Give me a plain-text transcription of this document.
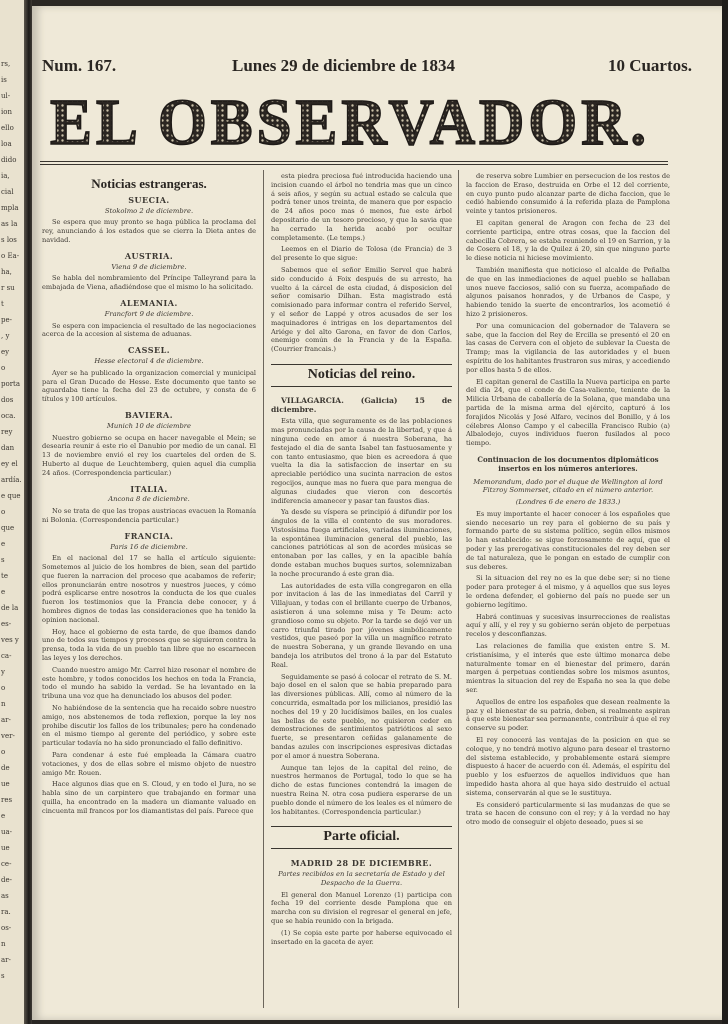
rs,
is
ul-
ion
ello
loa
dido
ia,
cial
mpla
as la
s los
o Ea-
ha,
r su
t
pe-
, y
ey
o
porta
dos
oca.
rey
dan
ey el
ardía.
e que
o
que
e
s
te
e
de la
es-
ves y
ca-
y
o
n
ar-
ver-
o
de
ue
res
e
ua-
ue
ce-
de-
as
ra.
os-
n
ar-
s
Num. 167.	Lunes 29 de diciembre de 1834	10 Cuartos.
EL OBSERVADOR.

Noticias estrangeras.

SUECIA.

Stokolmo 2 de diciembre.

Se espera que muy pronto se haga pública la proclama del rey, anunciando á los estados que se cierra la Dieta antes de navidad.

AUSTRIA.

Viena 9 de diciembre.

Se habla del nombramiento del Príncipe Talleyrand para la embajada de Viena, añadiéndose que el mismo lo ha solicitado.

ALEMANIA.

Francfort 9 de diciembre.

Se espera con impaciencia el resultado de las negociaciones acerca de la accesion al sistema de aduanas.

CASSEL.

Hesse electoral 4 de diciembre.

Ayer se ha publicado la organizacion comercial y municipal para el Gran Ducado de Hesse. Este documento que tanto se aguardaba tiene la fecha del 23 de octubre, y consta de 6 títulos y 100 artículos.

BAVIERA.

Munich 10 de diciembre

Nuestro gobierno se ocupa en hacer navegable el Mein; se desearia reunir á este rio el Danubio por medio de un canal. El 13 de noviembre envió el rey los cuarteles del orden de S. Huberto al duque de Leuchtemberg, quien aquel dia cumplia 24 años. (Correspondencia particular.)

ITALIA.

Ancona 8 de diciembre.

No se trata de que las tropas austriacas evacuen la Romanía ni Bolonia. (Correspondencia particular.)

FRANCIA.

Paris 16 de diciembre.

En el nacional del 17 se halla el artículo siguiente: Sometemos al juicio de los hombres de bien, sean del partido que fueren la narracion del proceso que acabamos de referir; ellos pronunciarán entre nosotros y nuestros jueces, y cómo podrá esplicarse entre nosotros la conducta de los que cuales fueron los testimonios que la Francia debe conocer, y á hombres dignos de todas las consideraciones que ha tenido la opinion nacional.

Hoy, hace el gobierno de esta tarde, de que íbamos dando uno de todos sus tiempos y procesos que se siguieron contra la prensa, toda la vida de un pueblo tan libre que no escarnecen las leyes y los derechos.

Cuando nuestro amigo Mr. Carrel hizo resonar el nombre de este hombre, y todos conocidos los hechos en toda la Francia, todo el mundo ha sabido la verdad. Se ha levantado en la tribuna una voz que ha denunciado los abusos del poder.

No habiéndose de la sentencia que ha recaido sobre nuestro amigo, nos abstenemos de toda reflexion, porque la ley nos prohibe discutir los fallos de los tribunales; pero ha condenado en el mismo tiempo al gerente del periódico, y sobre este particular todavía no ha sido pronunciado el fallo definitivo.

Para condenar á este fué empleada la Cámara cuatro votaciones, y dos de ellas sobre el mismo objeto de nuestro amigo Mr. Rouen.

Hace algunos dias que en S. Cloud, y en todo el Jura, no se habla sino de un carpintero que trabajando en formar una quilla, ha encontrado en la madera un diamante valuado en cincuenta mil francos por los diamantistas del país. Parece que

esta piedra preciosa fué introducida haciendo una incision cuando el árbol no tendria mas que un cinco á seis años, y según su actual estado se calcula que podrá tener unos treinta, de manera que por espacio de 24 años poco mas ó menos, fue este árbol depositario de un tesoro precioso, y que la savia que ha cerrado la herida acabó por ocultar completamente. (Le temps.)

Leemos en el Diario de Tolosa (de Francia) de 3 del presente lo que sigue:

Sabemos que el señor Emilio Servel que habrá sido conducido á Foix después de su arresto, ha vuelto á la cárcel de esta ciudad, á disposicion del señor comisario Dilhan. Esta magistrado está comisionado para informar contra el referido Servel, y el señor de Lappé y otros acusados de ser los maquinadores é intrigas en los departamentos del Ariége y del alto Garona, en favor de don Carlos, enemigo común de la Francia y de la España. (Courrier francais.)

Noticias del reino.

VILLAGARCIA. (Galicia) 15 de diciembre.

Esta villa, que seguramente es de las poblaciones mas pronunciadas por la causa de la libertad, y que á ninguna cede en amor á nuestra Soberana, ha festejado el dia de santa Isabel tan fastuosamente y con tanto entusiasmo, que bien es acreedora á que vuelta la dia la satisfaccion de insertar en su apreciable periódico una sucinta narracion de estos regocijos, aunque mas no fuera que para mengua de algunas ciudades que vieron con descortés indiferencia amanecer y pasar tan faustos dias.

Ya desde su víspera se principió á difundir por los ángulos de la villa el contento de sus moradores. Vistosísima fuega artificiales, variadas iluminaciones, la espontánea iluminacion general del pueblo, las canciones patrióticas al son de acordes músicas se entonaban por las calles, y en la apacible bahía donde estaban muchos buques surtos, solemnizaban la noche procurando á este gran dia.

Las autoridades de esta villa congregaron en ella por invitacion á las de las inmediatas del Carril y Villajuan, y todas con el brillante cuerpo de Urbanos, asistieron á una solemne misa y Te Deum: acto grandioso como su objeto. Por la tarde se dejó ver un carro triunfal tirado por jóvenes simbólicamente vestidos, que paseó por la villa un magnífico retrato de nuestra Soberana, y un grande llevando en una bandeja los atributos del trono á la par del Estatuto Real.

Seguidamente se pasó á colocar el retrato de S. M. bajo dosel en el salon que se habia preparado para las diversiones públicas. Allí, como al número de la concurrida, esmaltada por los milicianos, presidió las noches del 19 y 20 lucidísimos bailes, en los cuales las bellas de este pueblo, no quisieron ceder en demostraciones de sentimientos patrióticos al sexo fuerte, se presentaron ceñidas galanamente de bandas azules con inscripciones espresivas dictadas por el amor á nuestra Soberana.

Aunque tan lejos de la capital del reino, de nuestros hermanos de Portugal, todo lo que se ha dicho de estas funciones contendrá la imagen de nuestra Reina N. otra cosa pudiera esperarse de un pueblo donde el número de los leales es el número de los habitantes. (Correspondencia particular.)

Parte oficial.

MADRID 28 DE DICIEMBRE.

Partes recibidos en la secretaría de Estado y del Despacho de la Guerra.

El general don Manuel Lorenzo (1) participa con fecha 19 del corriente desde Pamplona que en marcha con su division el regresar el general en jefe, que se había reunido con la brigada.

(1) Se copia este parte por haberse equivocado el insertado en la gaceta de ayer.

de reserva sobre Lumbier en persecucion de los restos de la faccion de Eraso, destruida en Orbe el 12 del corriente, en cuyo punto pudo alcanzar parte de dicha faccion, que le cedió habiendo consumido á la referida plaza de Pamplona veinte y tantos prisioneros.

El capitan general de Aragon con fecha de 23 del corriente participa, entre otras cosas, que la faccion del cabecilla Cobrera, se estaba reuniendo el 19 en Sarrion, y la de Cosera el 18, y la de Quilez á 20, sin que ninguno parte le diese noticia ni hiciese movimiento.

También manifiesta que noticioso el alcalde de Peñalba de que en las inmediaciones de aquel pueblo se hallaban unos nueve facciosos, salió con su fuerza, acompañado de algunos paisanos honrados, y de Urbanos de Caspe, y habiendo tenido la suerte de encontrarlos, los acometió é hizo 2 prisioneros.

Por una comunicacion del gobernador de Talavera se sabe, que la faccion del Rey de Ercilla se presentó el 20 en las casas de Cervera con el objeto de sublevar la Cuesta de Tramp; mas la vigilancia de las autoridades y el buen espíritu de los habitantes frustraron sus miras, y accediendo por ellos hasta 5 de ellos.

El capitan general de Castilla la Nueva participa en parte del dia 24, que el conde de Casa-valiente, teniente de la Milicia Urbana de caballería de la Solana, que mandaba una partida de la misma arma del ejército, capturó á los forajidos Nicolás y José Alfaro, vecinos del Bonillo, y á los célebres Alonso Campo y el cabecilla Francisco Rubio (a) Albalodejo, cuyos individuos fueron fusilados al poco tiempo.

Continuacion de los documentos diplomáticos insertos en los números anteriores.

Memorandum, dado por el duque de Wellington al lord Fitzroy Sommerset, citado en el número anterior.

(Londres 6 de enero de 1833.)

Es muy importante el hacer conocer á los españoles que siendo necesario un rey para el gobierno de su país y formando parte de su sistema político, según ellos mismos lo han establecido: se sigue forzosamente de aquí, que el poder y las prerogativas constitucionales del rey deben ser de tal naturaleza, que le pongan en estado de cumplir con sus deberes.

Si la situacion del rey no es la que debe ser; si no tiene poder para proteger á el mismo, y á aquellos que sus leyes le ordena defender, el gobierno del país no puede ser un gobierno legítimo.

Habrá continuas y sucesivas insurrecciones de realistas aquí y allí, y el rey y su gobierno serán objeto de perpetuas recelos y desconfianzas.

Las relaciones de familia que existen entre S. M. cristianísima, y el interés que este último monarca debe naturalmente tomar en el bienestar del primero, darán margen á perpetuas contiendas sobre los mismos asuntos, mientras la situacion del rey de España no sea la que debe ser.

Aquellos de entre los españoles que desean realmente la paz y el bienestar de su patria, deben, si realmente aspiran á que este bienestar sea permanente, contribuir á que el rey conserve su poder.

El rey conocerá las ventajas de la posicion en que se coloque, y no tendrá motivo alguno para desear el trastorno del sistema establecido, y probablemente estará siempre dispuesto á hacer de acuerdo con él. Además, el espíritu del pueblo y los esfuerzos de aquellos individuos que han impedido hasta ahora al que haya sido destruido el actual sistema, conservarán al que se le sustituya.

Es consideró particularmente si las mudanzas de que se trata se hacen de consuno con el rey; y á la verdad no hay otro modo de conseguir el objeto deseado, pues si se
